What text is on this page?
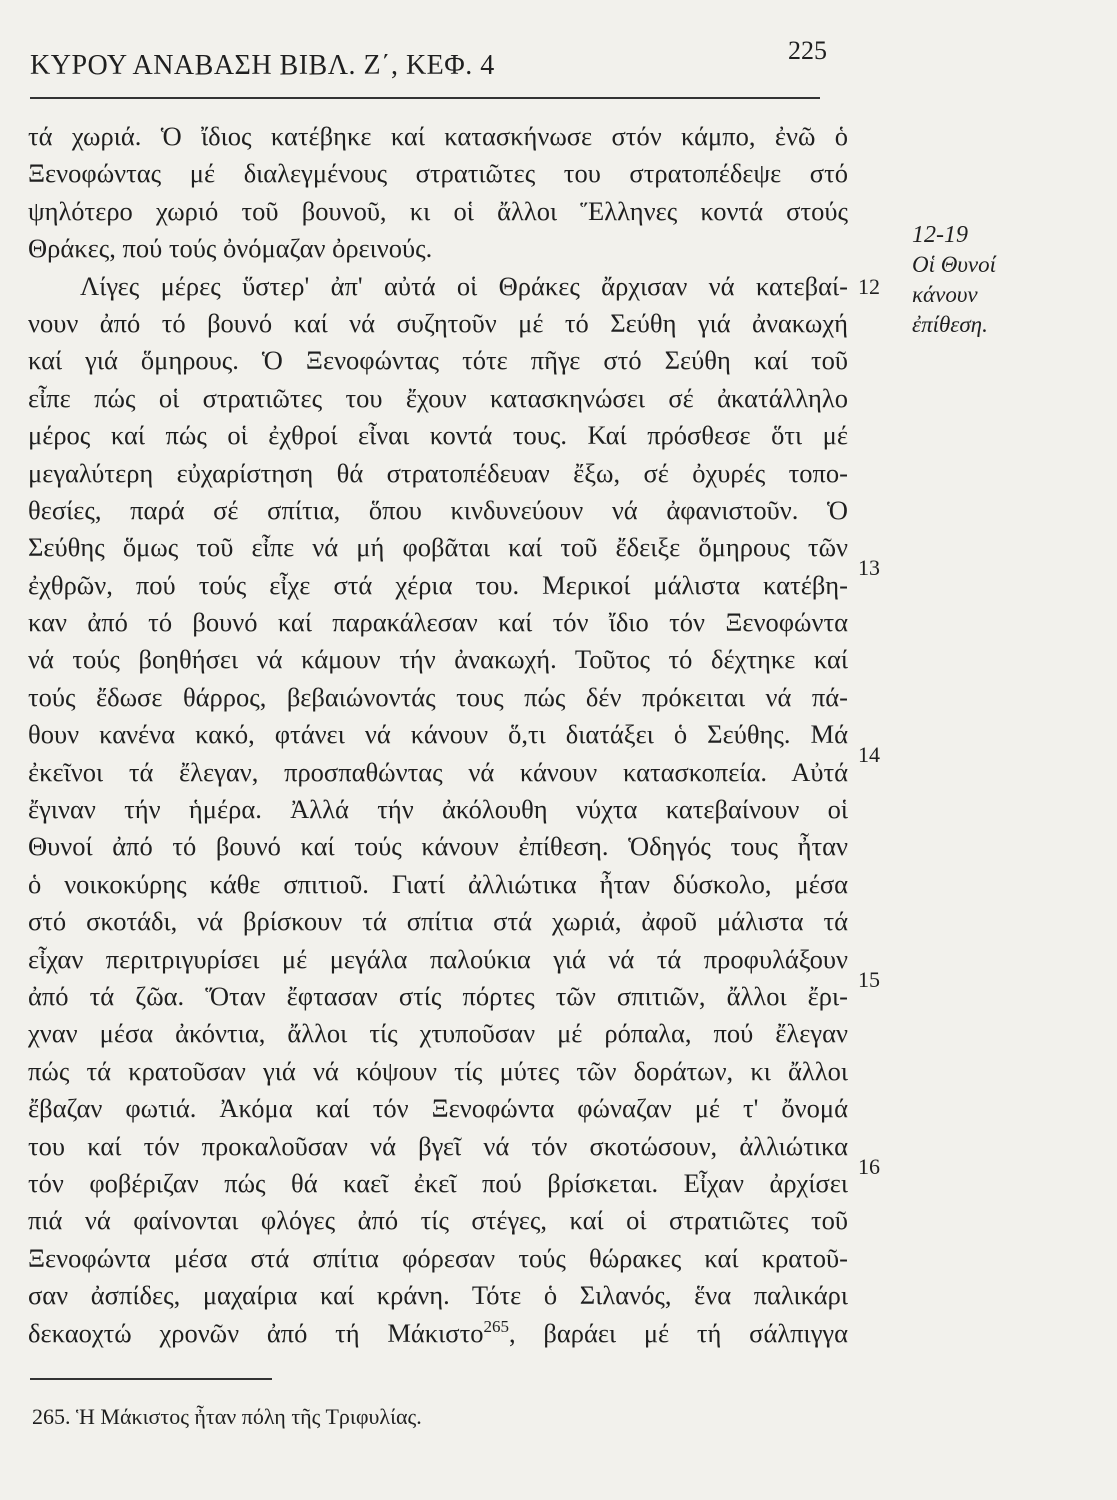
ΚΥΡΟΥ ΑΝΑΒΑΣΗ ΒΙΒΛ. Ζ΄, ΚΕΦ. 4	225
τά χωριά. Ὁ ἴδιος κατέβηκε καί κατασκήνωσε στόν κάμπο, ἐνῶ ὁ
Ξενοφώντας μέ διαλεγμένους στρατιῶτες του στρατοπέδεψε στό
ψηλότερο χωριό τοῦ βουνοῦ, κι οἱ ἄλλοι Ἕλληνες κοντά στούς
Θράκες, πού τούς ὀνόμαζαν ὀρεινούς.
Λίγες μέρες ὕστερ' ἀπ' αὐτά οἱ Θράκες ἄρχισαν νά κατεβαί-
νουν ἀπό τό βουνό καί νά συζητοῦν μέ τό Σεύθη γιά ἀνακωχή
καί γιά ὅμηρους. Ὁ Ξενοφώντας τότε πῆγε στό Σεύθη καί τοῦ
εἶπε πώς οἱ στρατιῶτες του ἔχουν κατασκηνώσει σέ ἀκατάλληλο
μέρος καί πώς οἱ ἐχθροί εἶναι κοντά τους. Καί πρόσθεσε ὅτι μέ
μεγαλύτερη εὐχαρίστηση θά στρατοπέδευαν ἔξω, σέ ὀχυρές τοπο-
θεσίες, παρά σέ σπίτια, ὅπου κινδυνεύουν νά ἀφανιστοῦν. Ὁ
Σεύθης ὅμως τοῦ εἶπε νά μή φοβᾶται καί τοῦ ἔδειξε ὅμηρους τῶν
ἐχθρῶν, πού τούς εἶχε στά χέρια του. Μερικοί μάλιστα κατέβη-
καν ἀπό τό βουνό καί παρακάλεσαν καί τόν ἴδιο τόν Ξενοφώντα
νά τούς βοηθήσει νά κάμουν τήν ἀνακωχή. Τοῦτος τό δέχτηκε καί
τούς ἔδωσε θάρρος, βεβαιώνοντάς τους πώς δέν πρόκειται νά πά-
θουν κανένα κακό, φτάνει νά κάνουν ὅ,τι διατάξει ὁ Σεύθης. Μά
ἐκεῖνοι τά ἔλεγαν, προσπαθώντας νά κάνουν κατασκοπεία. Αὐτά
ἔγιναν τήν ἡμέρα. Ἀλλά τήν ἀκόλουθη νύχτα κατεβαίνουν οἱ
Θυνοί ἀπό τό βουνό καί τούς κάνουν ἐπίθεση. Ὁδηγός τους ἦταν
ὁ νοικοκύρης κάθε σπιτιοῦ. Γιατί ἀλλιώτικα ἦταν δύσκολο, μέσα
στό σκοτάδι, νά βρίσκουν τά σπίτια στά χωριά, ἀφοῦ μάλιστα τά
εἶχαν περιτριγυρίσει μέ μεγάλα παλούκια γιά νά τά προφυλάξουν
ἀπό τά ζῶα. Ὅταν ἔφτασαν στίς πόρτες τῶν σπιτιῶν, ἄλλοι ἔρι-
χναν μέσα ἀκόντια, ἄλλοι τίς χτυποῦσαν μέ ρόπαλα, πού ἔλεγαν
πώς τά κρατοῦσαν γιά νά κόψουν τίς μύτες τῶν δοράτων, κι ἄλλοι
ἔβαζαν φωτιά. Ἀκόμα καί τόν Ξενοφώντα φώναζαν μέ τ' ὄνομά
του καί τόν προκαλοῦσαν νά βγεῖ νά τόν σκοτώσουν, ἀλλιώτικα
τόν φοβέριζαν πώς θά καεῖ ἐκεῖ πού βρίσκεται. Εἶχαν ἀρχίσει
πιά νά φαίνονται φλόγες ἀπό τίς στέγες, καί οἱ στρατιῶτες τοῦ
Ξενοφώντα μέσα στά σπίτια φόρεσαν τούς θώρακες καί κρατοῦ-
σαν ἀσπίδες, μαχαίρια καί κράνη. Τότε ὁ Σιλανός, ἕνα παλικάρι
δεκαοχτώ χρονῶν ἀπό τή Μάκιστο$^{265}$, βαράει μέ τή σάλπιγγα
12
13
14
15
16
12-19
Οἱ Θυνοί
κάνουν
ἐπίθεση.
265. Ἡ Μάκιστος ἦταν πόλη τῆς Τριφυλίας.
